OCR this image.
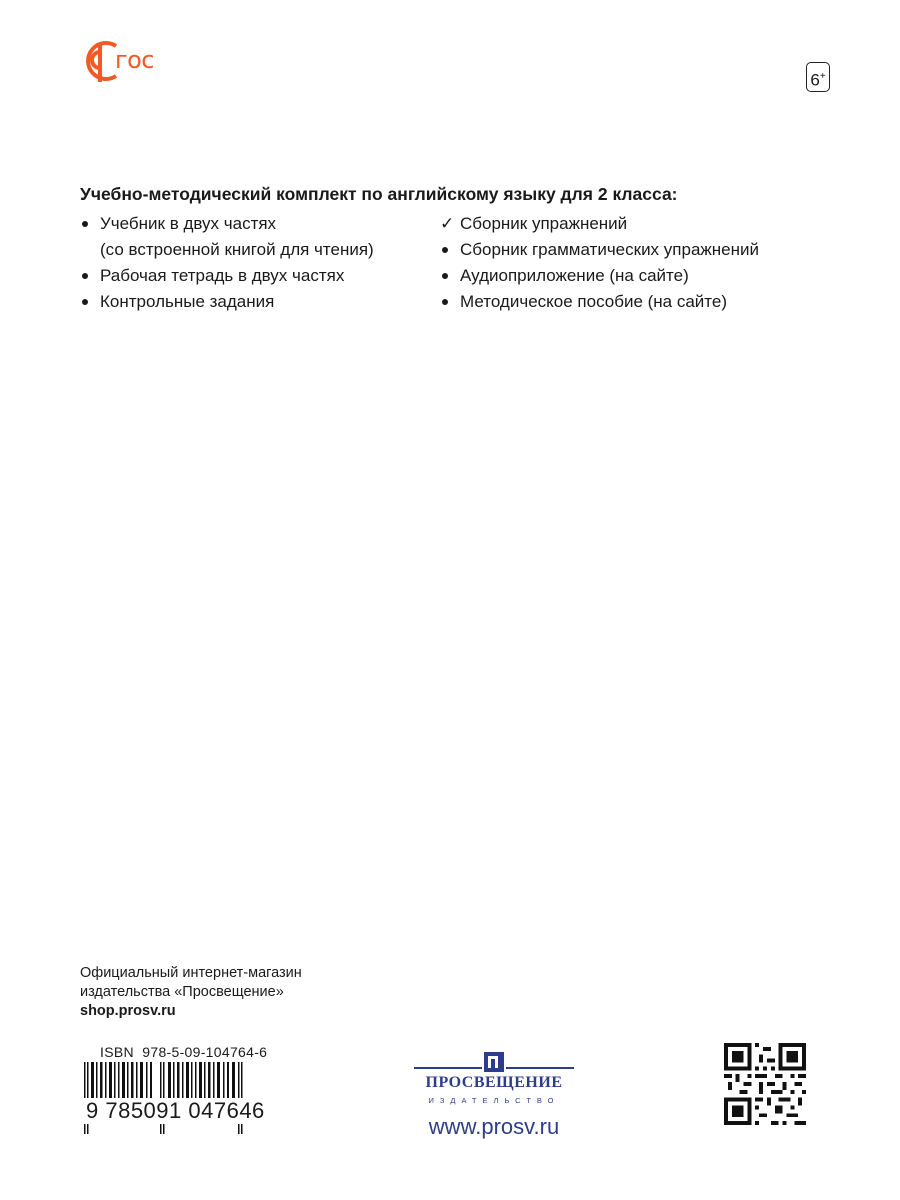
гос
6+
Учебно-методический комплект по английскому языку для 2 класса:
Учебник в двух частях
(со встроенной книгой для чтения)
Рабочая тетрадь в двух частях
Контрольные задания
✓ Сборник упражнений
Сборник грамматических упражнений
Аудиоприложение (на сайте)
Методическое пособие (на сайте)
Официальный интернет-магазин
издательства «Просвещение»
shop.prosv.ru
ISBN 978-5-09-104764-6
9 785091 047646
ПРОСВЕЩЕНИЕ
ИЗДАТЕЛЬСТВО
www.prosv.ru
